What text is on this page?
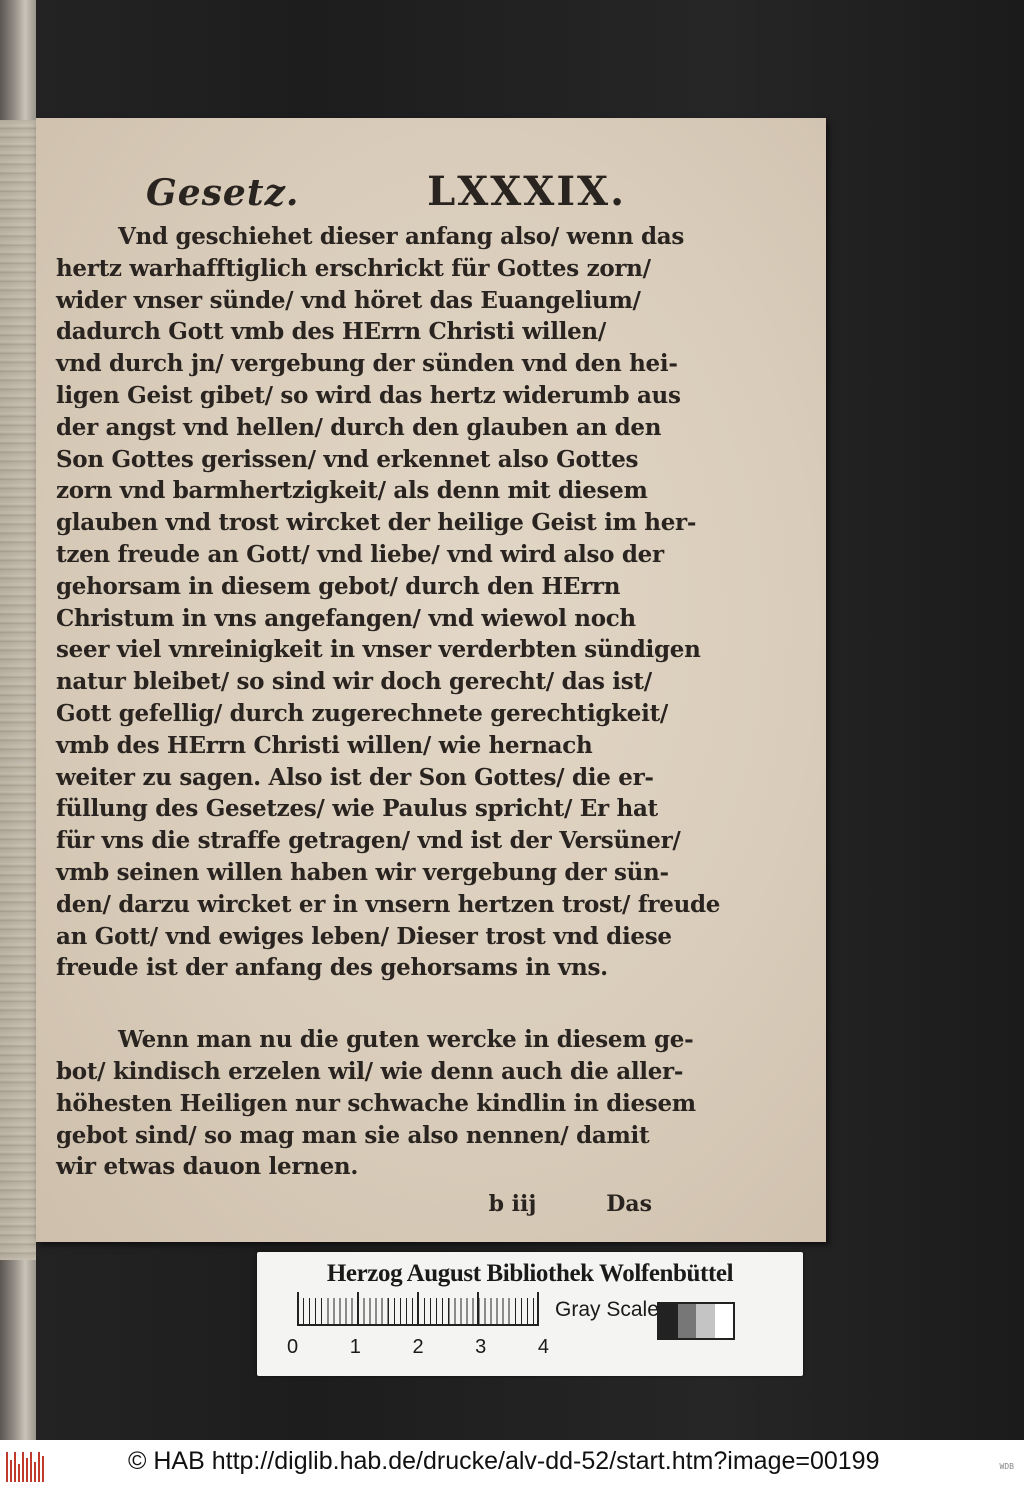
Gesetz.	LXXXIX.

Vnd geschiehet dieser anfang also/ wenn das

hertz warhafftiglich erschrickt für Gottes zorn/

wider vnser sünde/ vnd höret das Euangelium/

dadurch Gott vmb des HErrn Christi willen/

vnd durch jn/ vergebung der sünden vnd den hei-

ligen Geist gibet/ so wird das hertz widerumb aus

der angst vnd hellen/ durch den glauben an den

Son Gottes gerissen/ vnd erkennet also Gottes

zorn vnd barmhertzigkeit/ als denn mit diesem

glauben vnd trost wircket der heilige Geist im her-

tzen freude an Gott/ vnd liebe/ vnd wird also der

gehorsam in diesem gebot/ durch den HErrn

Christum in vns angefangen/ vnd wiewol noch

seer viel vnreinigkeit in vnser verderbten sündigen

natur bleibet/ so sind wir doch gerecht/ das ist/

Gott gefellig/ durch zugerechnete gerechtigkeit/

vmb des HErrn Christi willen/ wie hernach

weiter zu sagen. Also ist der Son Gottes/ die er-

füllung des Gesetzes/ wie Paulus spricht/ Er hat

für vns die straffe getragen/ vnd ist der Versüner/

vmb seinen willen haben wir vergebung der sün-

den/ darzu wircket er in vnsern hertzen trost/ freude

an Gott/ vnd ewiges leben/ Dieser trost vnd diese

freude ist der anfang des gehorsams in vns.

Wenn man nu die guten wercke in diesem ge-

bot/ kindisch erzelen wil/ wie denn auch die aller-

höhesten Heiligen nur schwache kindlin in diesem

gebot sind/ so mag man sie also nennen/ damit

wir etwas dauon lernen.

b iij	Das
Herzog August Bibliothek Wolfenbüttel
0	1	2	3	4
Gray Scale
© HAB http://diglib.hab.de/drucke/alv-dd-52/start.htm?image=00199	WDB
